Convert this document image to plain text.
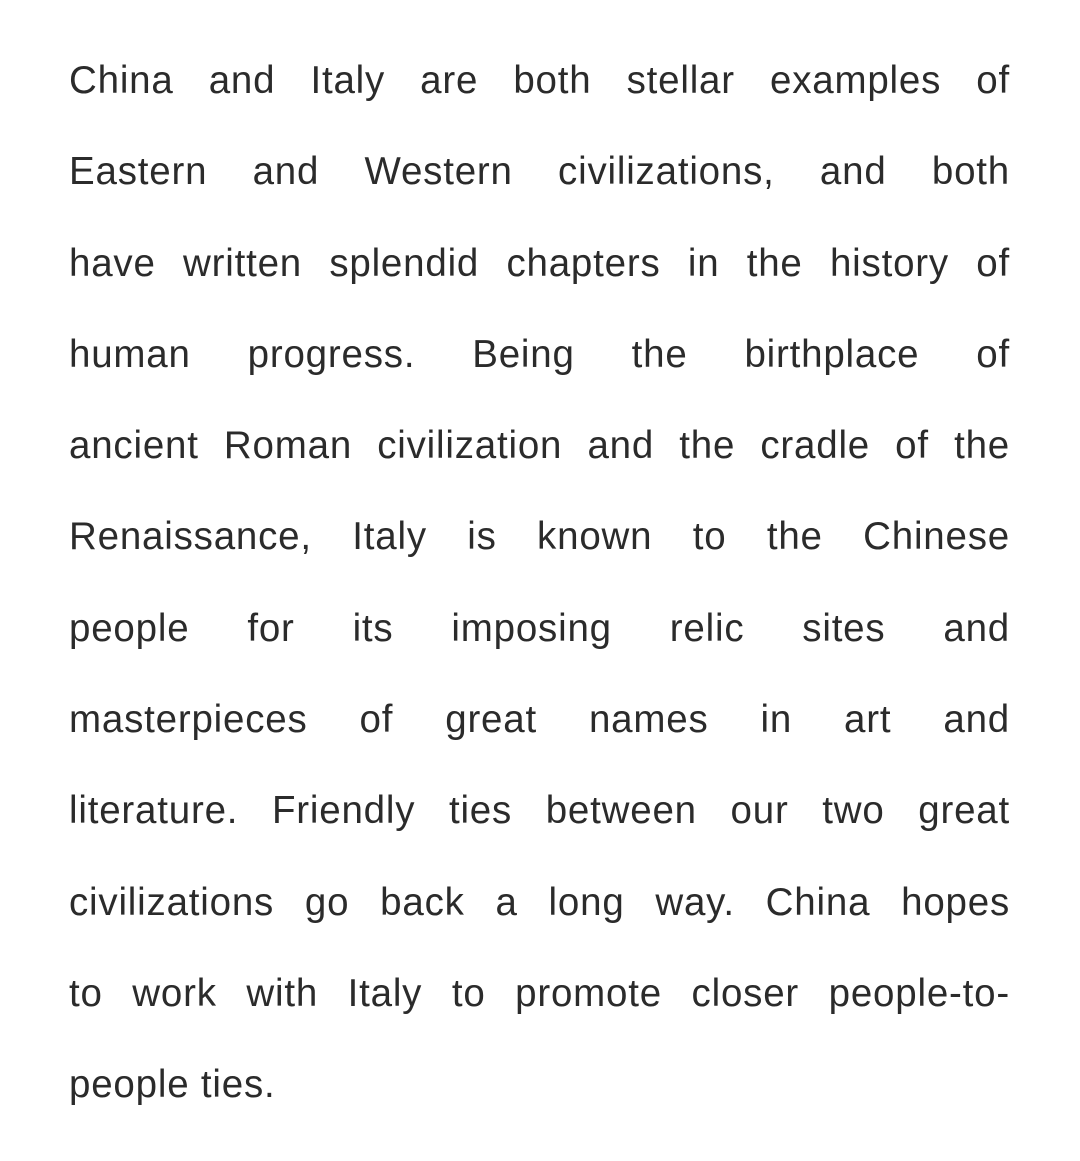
China and Italy are both stellar examples of
Eastern and Western civilizations, and both
have written splendid chapters in the history of
human progress. Being the birthplace of
ancient Roman civilization and the cradle of the
Renaissance, Italy is known to the Chinese
people for its imposing relic sites and
masterpieces of great names in art and
literature. Friendly ties between our two great
civilizations go back a long way. China hopes
to work with Italy to promote closer people-to-
people ties.
